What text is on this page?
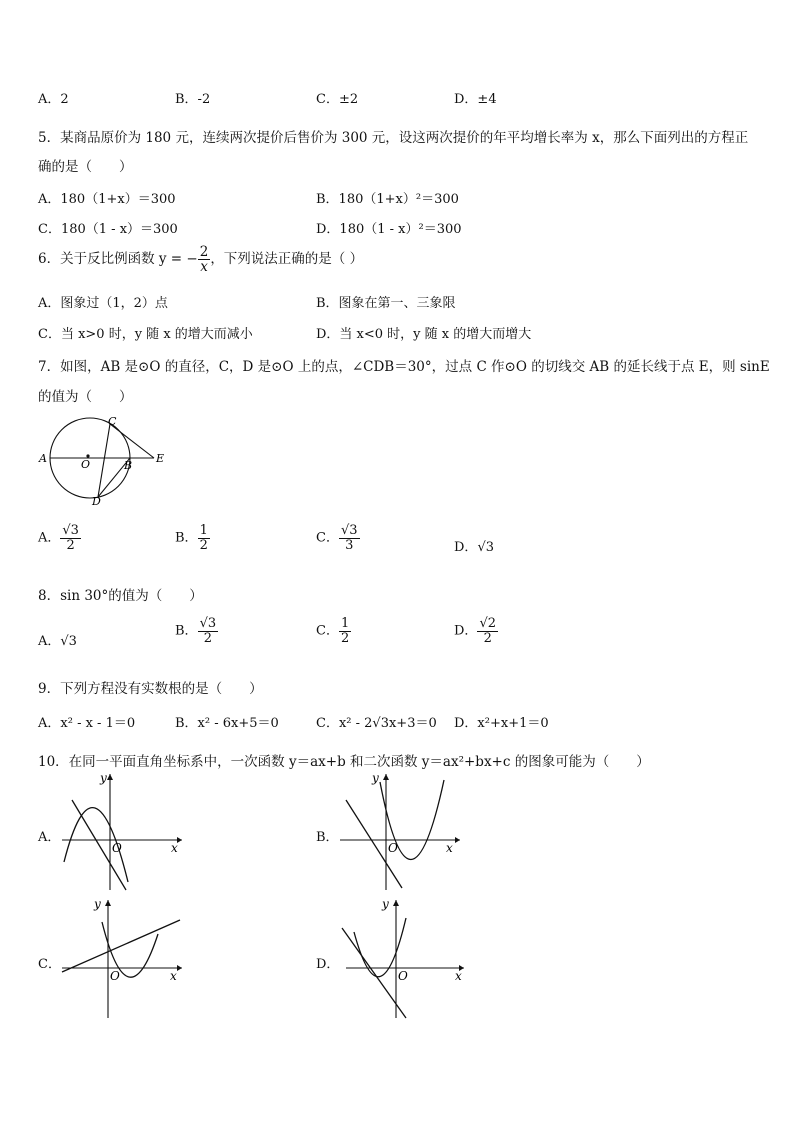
A．2	B．-2	C．±2	D．±4
5．某商品原价为 180 元，连续两次提价后售价为 300 元，设这两次提价的年平均增长率为 x，那么下面列出的方程正
确的是（　　）
A．180（1+x）＝300	B．180（1+x）²＝300
C．180（1 - x）＝300	D．180（1 - x）²＝300
6．关于反比例函数 y = − $\frac{2}{x}$ ，下列说法正确的是（ ）
A．图象过（1，2）点	B．图象在第一、三象限
C．当 x>0 时，y 随 x 的增大而减小	D．当 x<0 时，y 随 x 的增大而增大
7．如图，AB 是⊙O 的直径，C，D 是⊙O 上的点，∠CDB＝30°，过点 C 作⊙O 的切线交 AB 的延长线于点 E，则 sinE
的值为（　　）
A	O	B
C
D
E
A． $\frac{√3}{2}$	B． $\frac{1}{2}$	C． $\frac{√3}{3}$	D．√3
8．sin 30°的值为（　　）
A．√3
B． $\frac{√3}{2}$	C． $\frac{1}{2}$	D． $\frac{√2}{2}$
9．下列方程没有实数根的是（　　）
A．x² - x - 1＝0	B．x² - 6x+5＝0	C．x² - 2√3x+3＝0 D．x²+x+1＝0
10．在同一平面直角坐标系中，一次函数 y＝ax+b 和二次函数 y＝ax²+bx+c 的图象可能为（　　）
A．	B．
C．	D．
y
x
O
y
x
O
y
x
O
y
x
O
